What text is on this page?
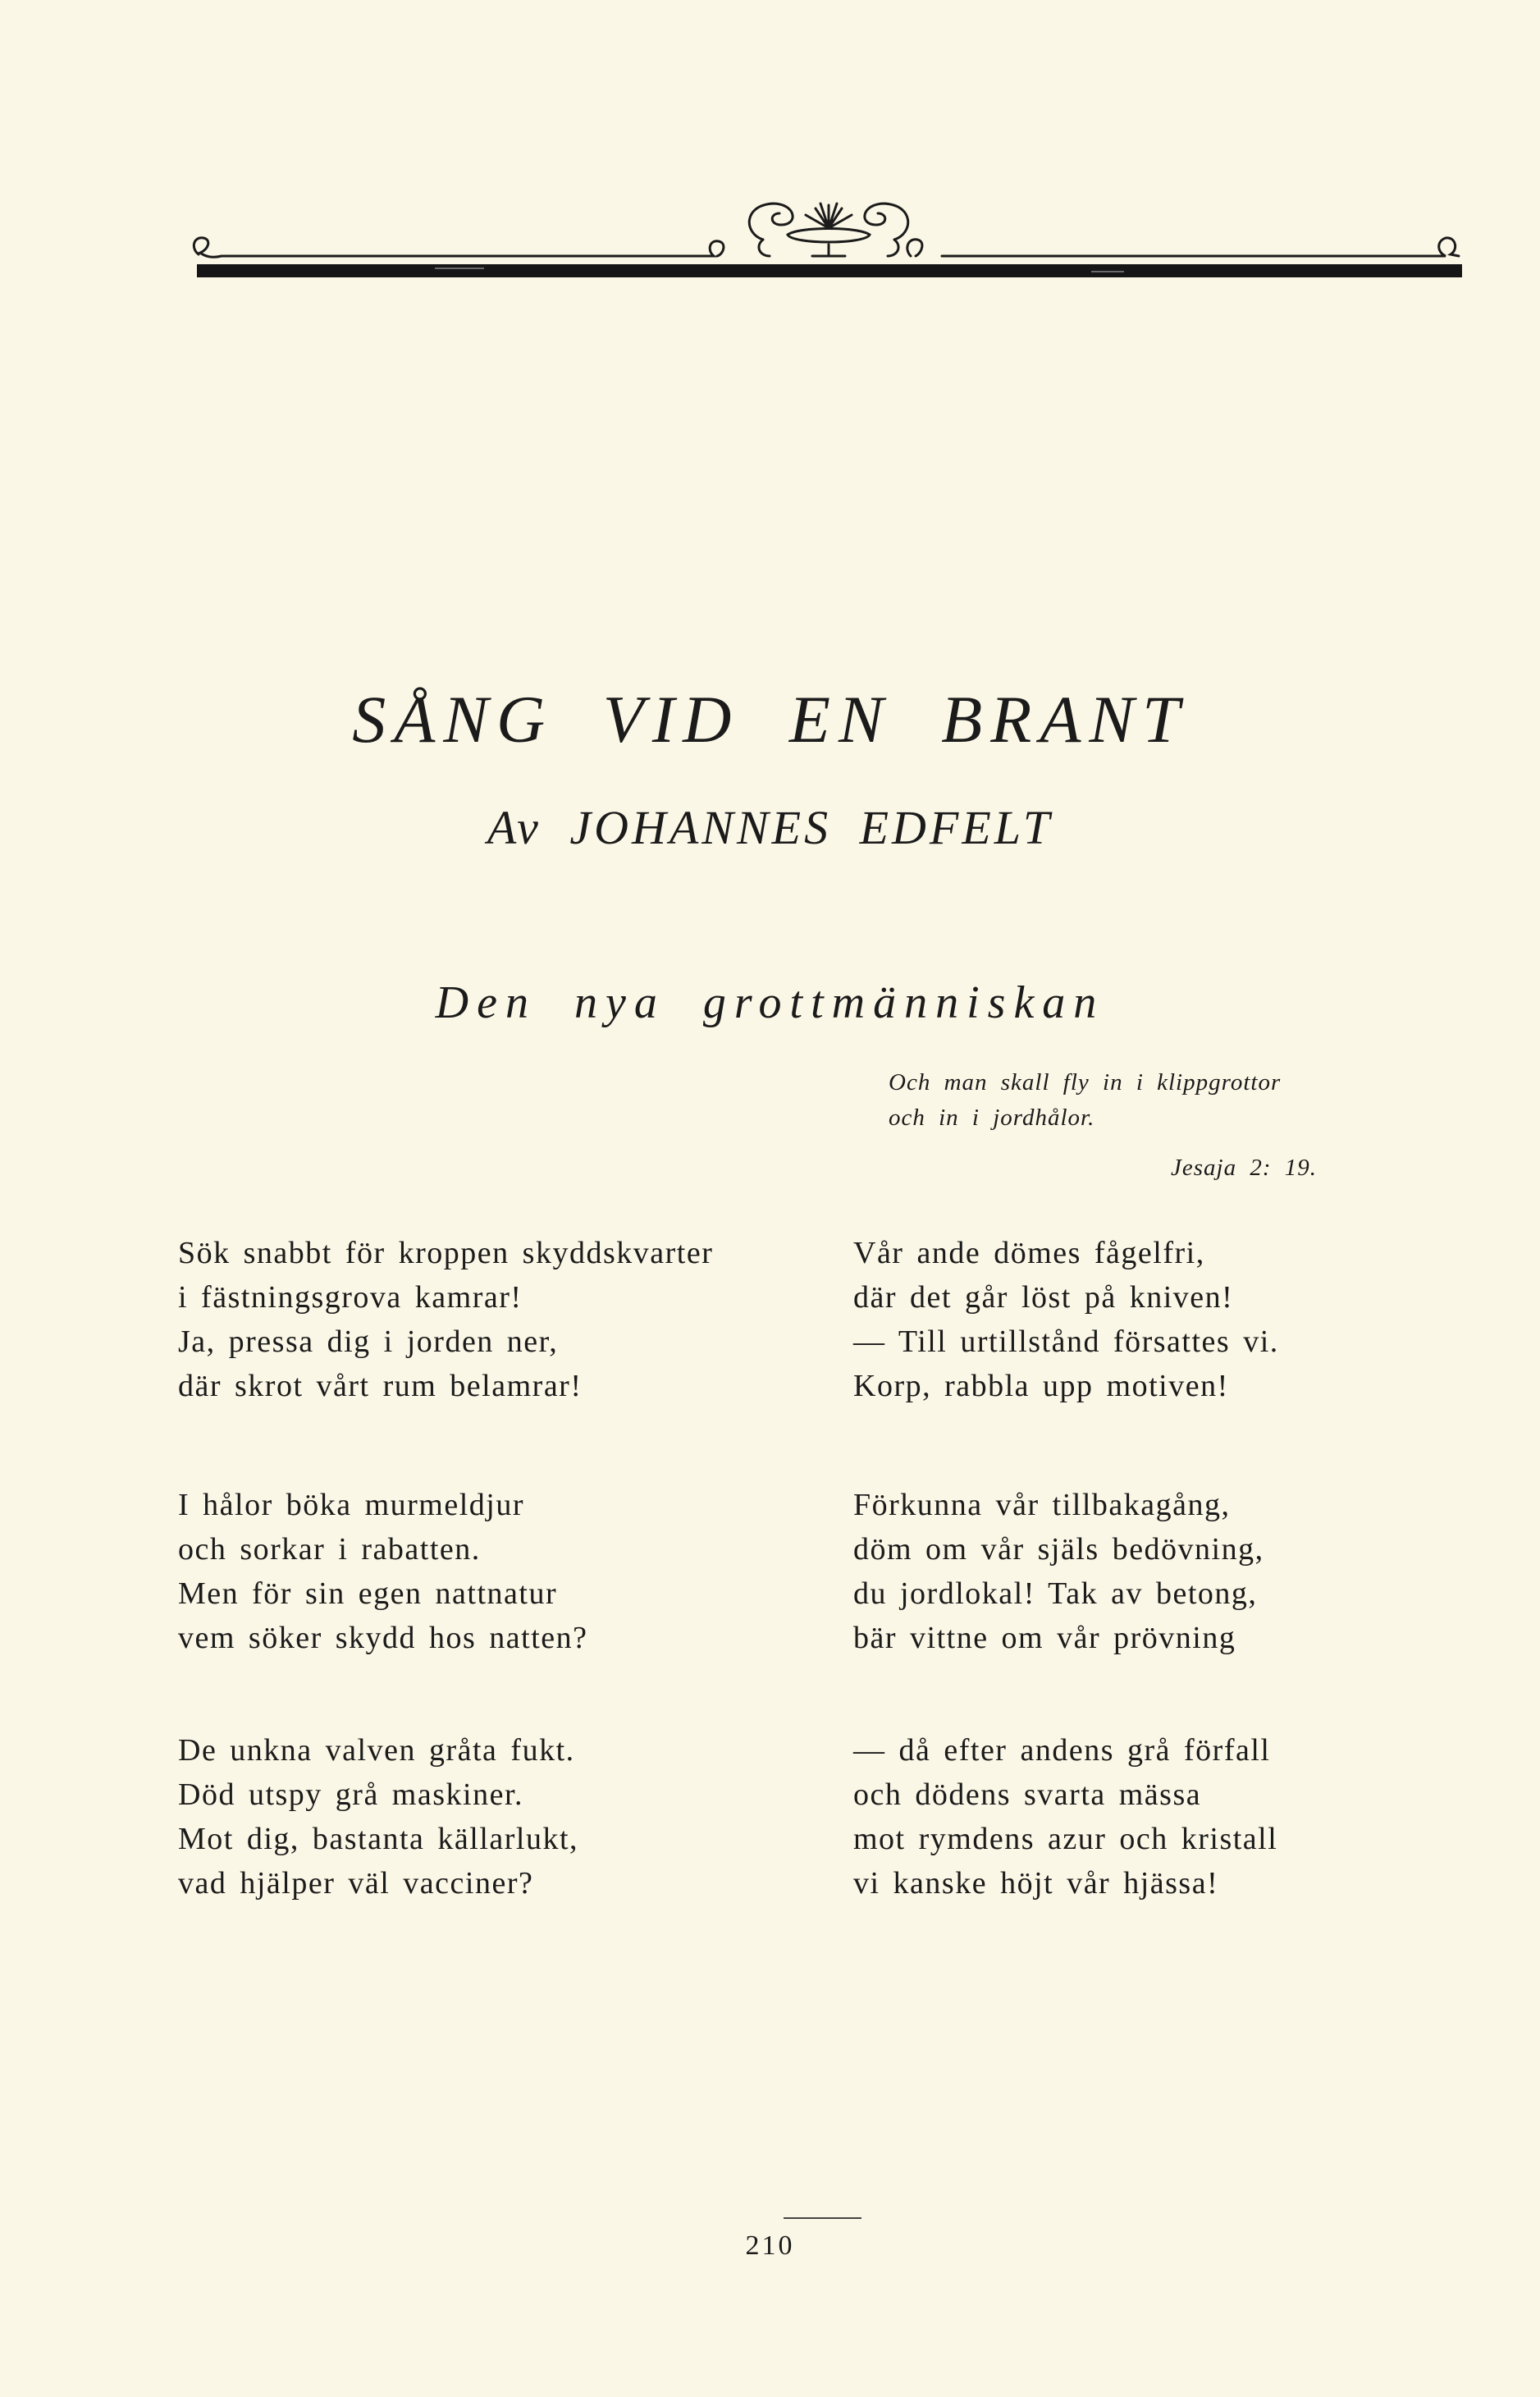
SÅNG VID EN BRANT
Av JOHANNES EDFELT
Den nya grottmänniskan
Och man skall fly in i klippgrottor
och in i jordhålor.
Jesaja 2: 19.
Sök snabbt för kroppen skyddskvarter
i fästningsgrova kamrar!
Ja, pressa dig i jorden ner,
där skrot vårt rum belamrar!
I hålor böka murmeldjur
och sorkar i rabatten.
Men för sin egen nattnatur
vem söker skydd hos natten?
De unkna valven gråta fukt.
Död utspy grå maskiner.
Mot dig, bastanta källarlukt,
vad hjälper väl vacciner?
Vår ande dömes fågelfri,
där det går löst på kniven!
— Till urtillstånd försattes vi.
Korp, rabbla upp motiven!
Förkunna vår tillbakagång,
döm om vår själs bedövning,
du jordlokal! Tak av betong,
bär vittne om vår prövning
— då efter andens grå förfall
och dödens svarta mässa
mot rymdens azur och kristall
vi kanske höjt vår hjässa!
210
